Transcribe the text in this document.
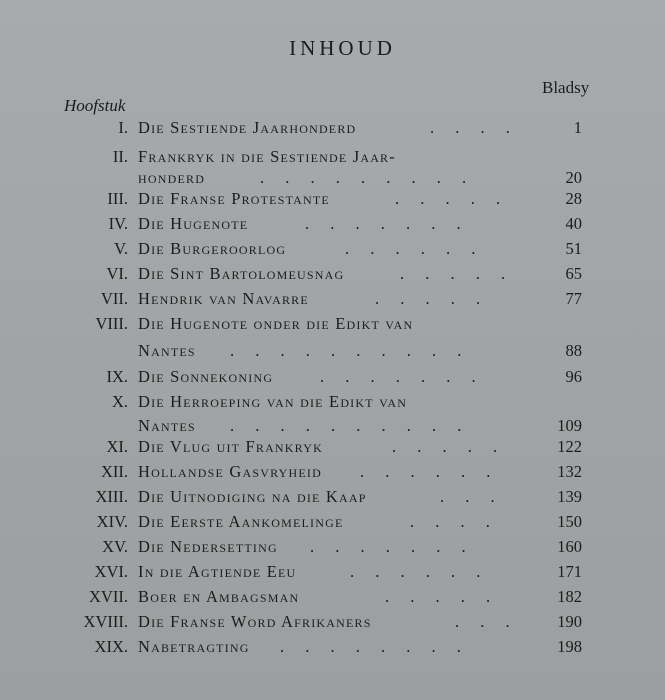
INHOUD
Bladsy
Hoofstuk
I. Die Sestiende Jaarhonderd	. . . .	1
II. Frankryk in die Sestiende Jaar-
honderd	. . . . . . . . .	20
III. Die Franse Protestante	. . . . .	28
IV. Die Hugenote	. . . . . . .	40
V. Die Burgeroorlog	. . . . . .	51
VI. Die Sint Bartolomeusnag	. . . . .	65
VII. Hendrik van Navarre	. . . . .	77
VIII. Die Hugenote onder die Edikt van
Nantes . . . . . . . . . .	88
IX. Die Sonnekoning	. . . . . . .	96
X. Die Herroeping van die Edikt van
Nantes . . . . . . . . . .	109
XI. Die Vlug uit Frankryk	. . . . .	122
XII. Hollandse Gasvryheid . . . . . .	132
XIII. Die Uitnodiging na die Kaap	. . .	139
XIV. Die Eerste Aankomelinge	. . . .	150
XV. Die Nedersetting . . . . . . .	160
XVI. In die Agtiende Eeu	. . . . . .	171
XVII. Boer en Ambagsman	. . . . .	182
XVIII. Die Franse Word Afrikaners	. . .	190
XIX. Nabetragting . . . . . . . .	198
